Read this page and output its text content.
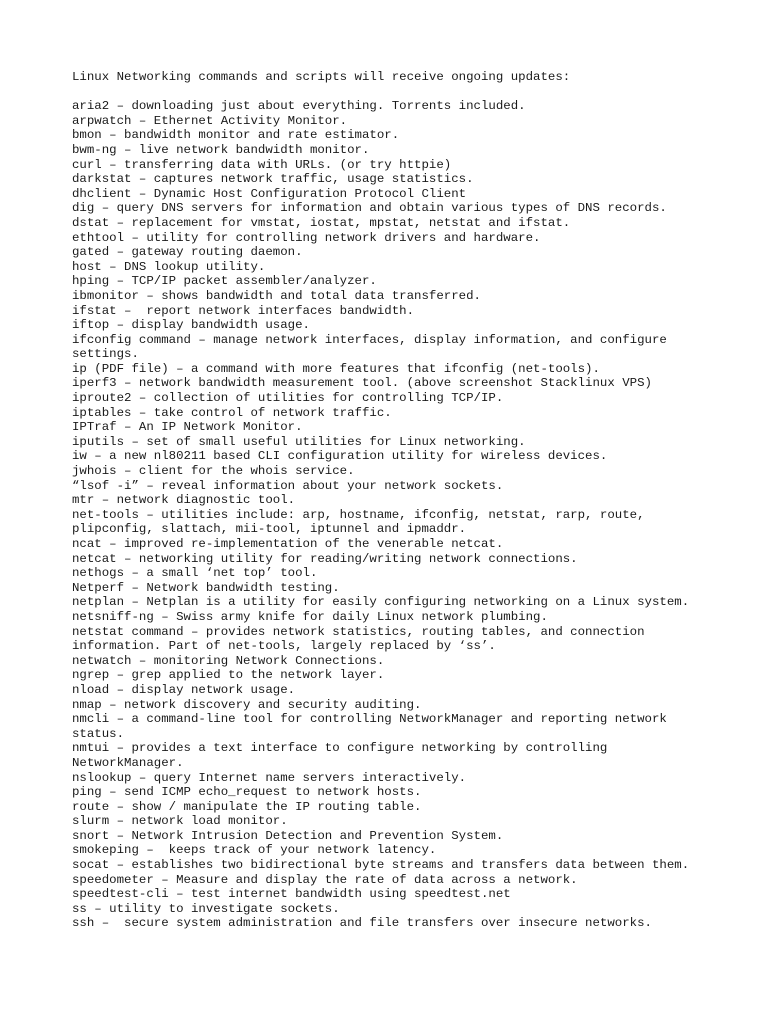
Linux Networking commands and scripts will receive ongoing updates:

aria2 – downloading just about everything. Torrents included.

arpwatch – Ethernet Activity Monitor.

bmon – bandwidth monitor and rate estimator.

bwm-ng – live network bandwidth monitor.

curl – transferring data with URLs. (or try httpie)

darkstat – captures network traffic, usage statistics.

dhclient – Dynamic Host Configuration Protocol Client

dig – query DNS servers for information and obtain various types of DNS records.

dstat – replacement for vmstat, iostat, mpstat, netstat and ifstat.

ethtool – utility for controlling network drivers and hardware.

gated – gateway routing daemon.

host – DNS lookup utility.

hping – TCP/IP packet assembler/analyzer.

ibmonitor – shows bandwidth and total data transferred.

ifstat –  report network interfaces bandwidth.

iftop – display bandwidth usage.

ifconfig command – manage network interfaces, display information, and configure

settings.

ip (PDF file) – a command with more features that ifconfig (net-tools).

iperf3 – network bandwidth measurement tool. (above screenshot Stacklinux VPS)

iproute2 – collection of utilities for controlling TCP/IP.

iptables – take control of network traffic.

IPTraf – An IP Network Monitor.

iputils – set of small useful utilities for Linux networking.

iw – a new nl80211 based CLI configuration utility for wireless devices.

jwhois – client for the whois service.

“lsof -i” – reveal information about your network sockets.

mtr – network diagnostic tool.

net-tools – utilities include: arp, hostname, ifconfig, netstat, rarp, route,

plipconfig, slattach, mii-tool, iptunnel and ipmaddr.

ncat – improved re-implementation of the venerable netcat.

netcat – networking utility for reading/writing network connections.

nethogs – a small ‘net top’ tool.

Netperf – Network bandwidth testing.

netplan – Netplan is a utility for easily configuring networking on a Linux system.

netsniff-ng – Swiss army knife for daily Linux network plumbing.

netstat command – provides network statistics, routing tables, and connection

information. Part of net-tools, largely replaced by ‘ss’.

netwatch – monitoring Network Connections.

ngrep – grep applied to the network layer.

nload – display network usage.

nmap – network discovery and security auditing.

nmcli – a command-line tool for controlling NetworkManager and reporting network

status.

nmtui – provides a text interface to configure networking by controlling

NetworkManager.

nslookup – query Internet name servers interactively.

ping – send ICMP echo_request to network hosts.

route – show / manipulate the IP routing table.

slurm – network load monitor.

snort – Network Intrusion Detection and Prevention System.

smokeping –  keeps track of your network latency.

socat – establishes two bidirectional byte streams and transfers data between them.

speedometer – Measure and display the rate of data across a network.

speedtest-cli – test internet bandwidth using speedtest.net

ss – utility to investigate sockets.

ssh –  secure system administration and file transfers over insecure networks.
